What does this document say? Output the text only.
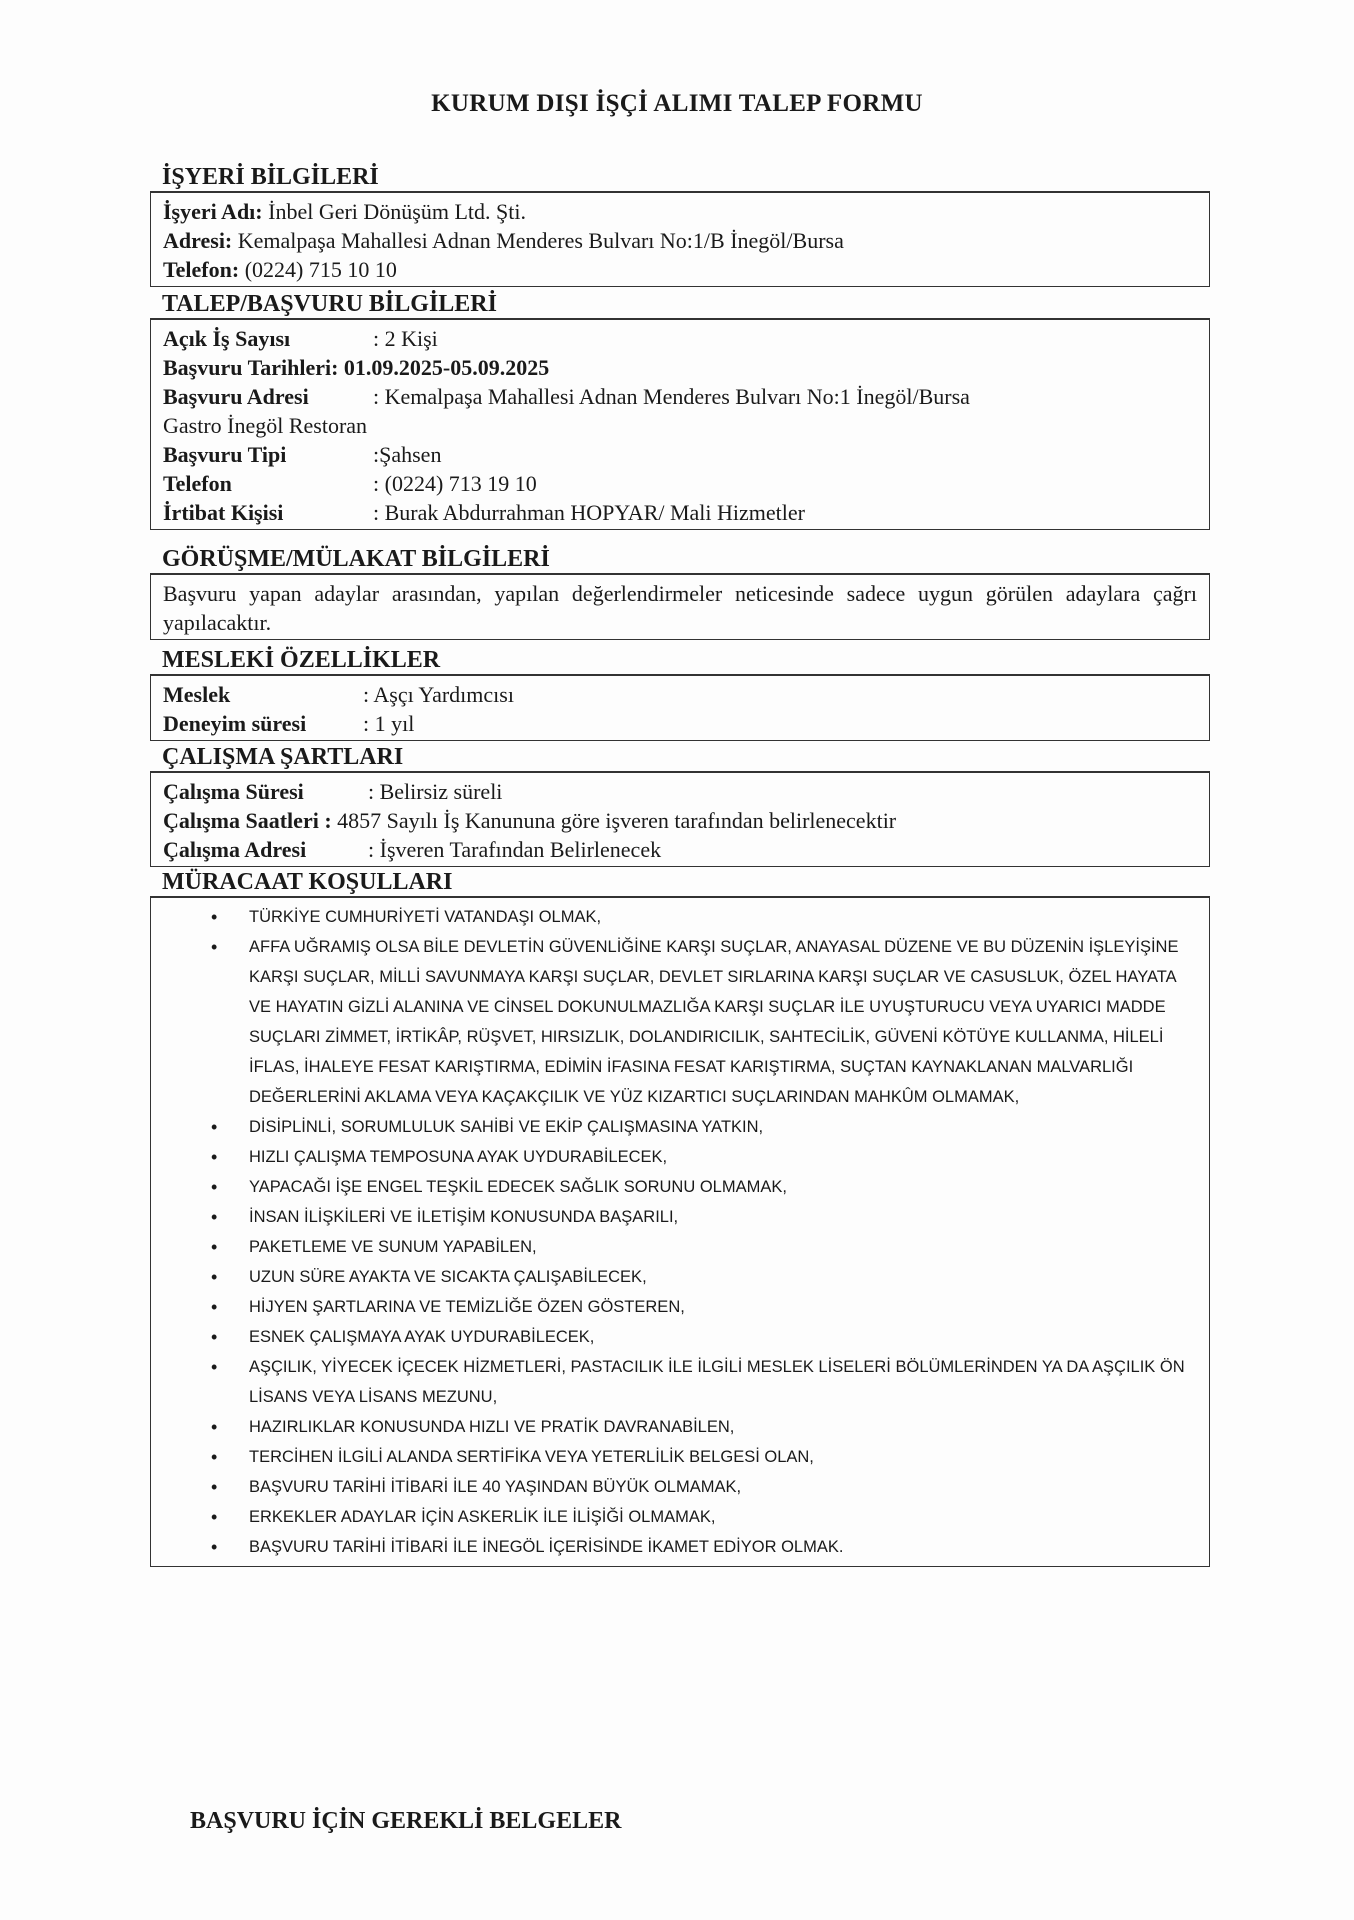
KURUM DIŞI İŞÇİ ALIMI TALEP FORMU
İŞYERİ BİLGİLERİ
İşyeri Adı: İnbel Geri Dönüşüm Ltd. Şti.
Adresi: Kemalpaşa Mahallesi Adnan Menderes Bulvarı No:1/B İnegöl/Bursa
Telefon: (0224) 715 10 10
TALEP/BAŞVURU BİLGİLERİ
Açık İş Sayısı	: 2 Kişi
Başvuru Tarihleri: 01.09.2025-05.09.2025
Başvuru Adresi	: Kemalpaşa Mahallesi Adnan Menderes Bulvarı No:1 İnegöl/Bursa
Gastro İnegöl Restoran
Başvuru Tipi	:Şahsen
Telefon	: (0224) 713 19 10
İrtibat Kişisi	: Burak Abdurrahman HOPYAR/ Mali Hizmetler
GÖRÜŞME/MÜLAKAT BİLGİLERİ
Başvuru yapan adaylar arasından, yapılan değerlendirmeler neticesinde sadece uygun görülen adaylara çağrı yapılacaktır.
MESLEKİ ÖZELLİKLER
Meslek	: Aşçı Yardımcısı
Deneyim süresi	: 1 yıl
ÇALIŞMA ŞARTLARI
Çalışma Süresi	: Belirsiz süreli
Çalışma Saatleri : 4857 Sayılı İş Kanununa göre işveren tarafından belirlenecektir
Çalışma Adresi	: İşveren Tarafından Belirlenecek
MÜRACAAT KOŞULLARI
• TÜRKİYE CUMHURİYETİ VATANDAŞI OLMAK,
• AFFA UĞRAMIŞ OLSA BİLE DEVLETİN GÜVENLİĞİNE KARŞI SUÇLAR, ANAYASAL DÜZENE VE BU DÜZENİN İŞLEYİŞİNE KARŞI SUÇLAR, MİLLİ SAVUNMAYA KARŞI SUÇLAR, DEVLET SIRLARINA KARŞI SUÇLAR VE CASUSLUK, ÖZEL HAYATA VE HAYATIN GİZLİ ALANINA VE CİNSEL DOKUNULMAZLIĞA KARŞI SUÇLAR İLE UYUŞTURUCU VEYA UYARICI MADDE SUÇLARI ZİMMET, İRTİKÂP, RÜŞVET, HIRSIZLIK, DOLANDIRICILIK, SAHTECİLİK, GÜVENİ KÖTÜYE KULLANMA, HİLELİ İFLAS, İHALEYE FESAT KARIŞTIRMA, EDİMİN İFASINA FESAT KARIŞTIRMA, SUÇTAN KAYNAKLANAN MALVARLIĞI DEĞERLERİNİ AKLAMA VEYA KAÇAKÇILIK VE YÜZ KIZARTICI SUÇLARINDAN MAHKÛM OLMAMAK,
• DİSİPLİNLİ, SORUMLULUK SAHİBİ VE EKİP ÇALIŞMASINA YATKIN,
• HIZLI ÇALIŞMA TEMPOSUNA AYAK UYDURABİLECEK,
• YAPACAĞI İŞE ENGEL TEŞKİL EDECEK SAĞLIK SORUNU OLMAMAK,
• İNSAN İLİŞKİLERİ VE İLETİŞİM KONUSUNDA BAŞARILI,
• PAKETLEME VE SUNUM YAPABİLEN,
• UZUN SÜRE AYAKTA VE SICAKTA ÇALIŞABİLECEK,
• HİJYEN ŞARTLARINA VE TEMİZLİĞE ÖZEN GÖSTEREN,
• ESNEK ÇALIŞMAYA AYAK UYDURABİLECEK,
• AŞÇILIK, YİYECEK İÇECEK HİZMETLERİ, PASTACILIK İLE İLGİLİ MESLEK LİSELERİ BÖLÜMLERİNDEN YA DA AŞÇILIK ÖN LİSANS VEYA LİSANS MEZUNU,
• HAZIRLIKLAR KONUSUNDA HIZLI VE PRATİK DAVRANABİLEN,
• TERCİHEN İLGİLİ ALANDA SERTİFİKA VEYA YETERLİLİK BELGESİ OLAN,
• BAŞVURU TARİHİ İTİBARİ İLE 40 YAŞINDAN BÜYÜK OLMAMAK,
• ERKEKLER ADAYLAR İÇİN ASKERLİK İLE İLİŞİĞİ OLMAMAK,
• BAŞVURU TARİHİ İTİBARİ İLE İNEGÖL İÇERİSİNDE İKAMET EDİYOR OLMAK.
BAŞVURU İÇİN GEREKLİ BELGELER
